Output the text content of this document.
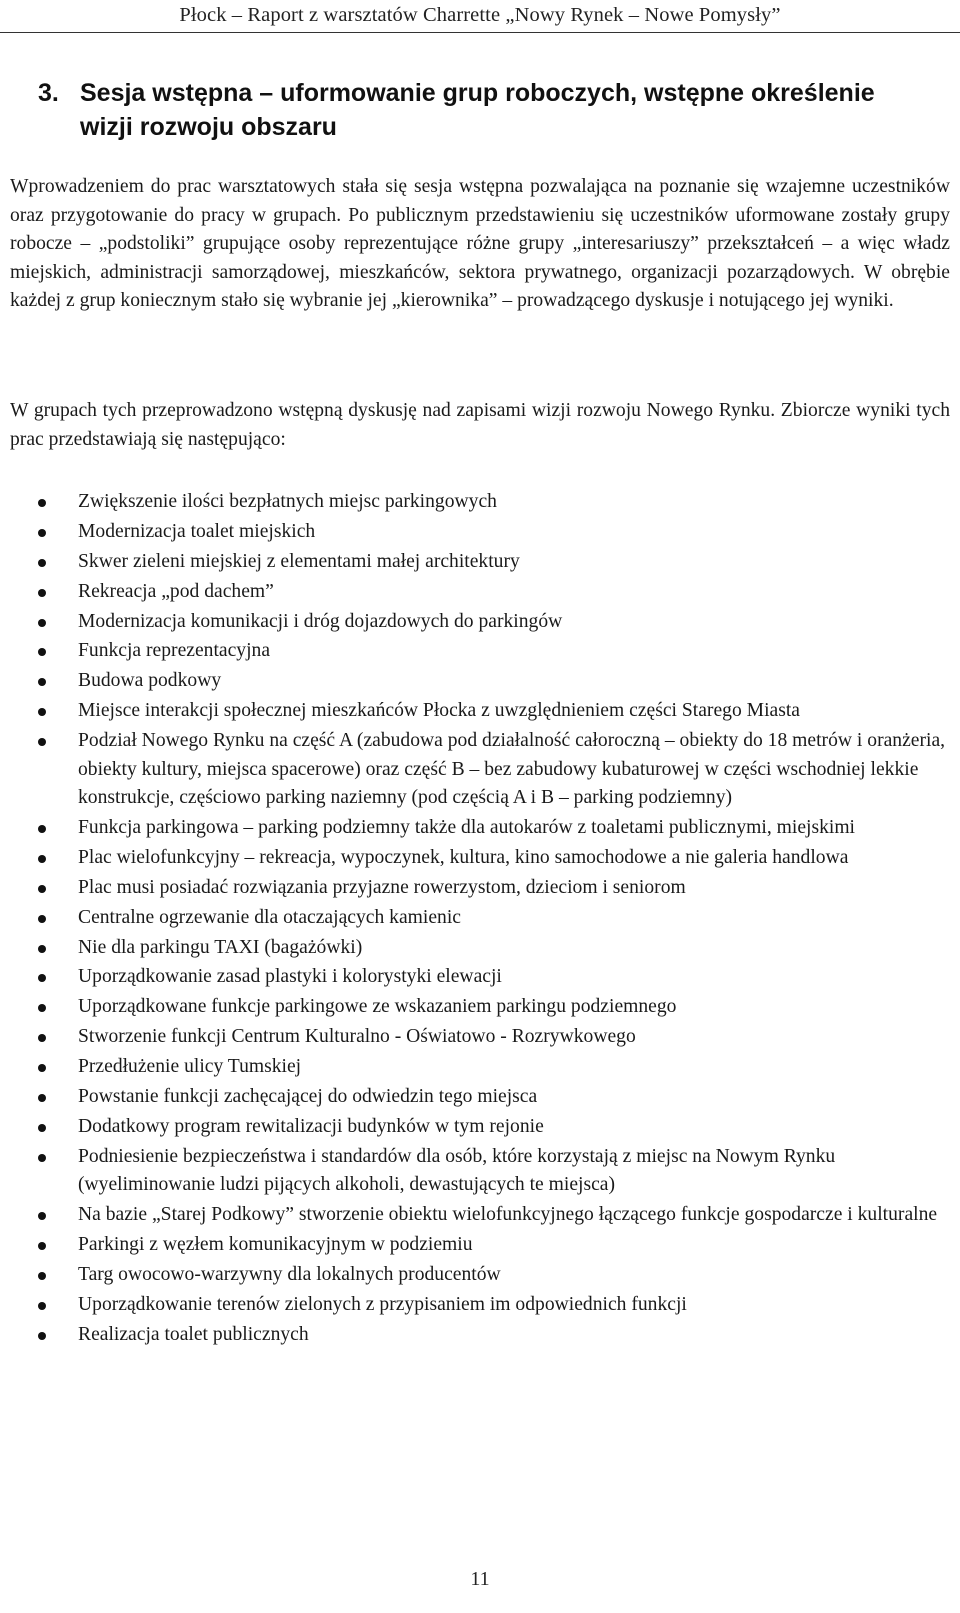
Płock – Raport z warsztatów Charrette „Nowy Rynek – Nowe Pomysły”
3. Sesja wstępna – uformowanie grup roboczych, wstępne określenie
wizji rozwoju obszaru

Wprowadzeniem do prac warsztatowych stała się sesja wstępna pozwalająca na poznanie się wzajemne uczestników oraz przygotowanie do pracy w grupach. Po publicznym przedstawieniu się uczestników uformowane zostały grupy robocze – „podstoliki” grupujące osoby reprezentujące różne grupy „interesariuszy” przekształceń – a więc władz miejskich, administracji samorządowej, mieszkańców, sektora prywatnego, organizacji pozarządowych. W obrębie każdej z grup koniecznym stało się wybranie jej „kierownika” – prowadzącego dyskusje i notującego jej wyniki.

W grupach tych przeprowadzono wstępną dyskusję nad zapisami wizji rozwoju Nowego Rynku. Zbiorcze wyniki tych prac przedstawiają się następująco:

Zwiększenie ilości bezpłatnych miejsc parkingowych
Modernizacja toalet miejskich
Skwer zieleni miejskiej z elementami małej architektury
Rekreacja „pod dachem”
Modernizacja komunikacji i dróg dojazdowych do parkingów
Funkcja reprezentacyjna
Budowa podkowy
Miejsce interakcji społecznej mieszkańców Płocka z uwzględnieniem części Starego Miasta
Podział Nowego Rynku na część A (zabudowa pod działalność całoroczną – obiekty do 18 metrów i oranżeria, obiekty kultury, miejsca spacerowe) oraz część B – bez zabudowy kubaturowej w części wschodniej lekkie konstrukcje, częściowo parking naziemny (pod częścią A i B – parking podziemny)
Funkcja parkingowa – parking podziemny także dla autokarów z toaletami publicznymi, miejskimi
Plac wielofunkcyjny – rekreacja, wypoczynek, kultura, kino samochodowe a nie galeria handlowa
Plac musi posiadać rozwiązania przyjazne rowerzystom, dzieciom i seniorom
Centralne ogrzewanie dla otaczających kamienic
Nie dla parkingu TAXI (bagażówki)
Uporządkowanie zasad plastyki i kolorystyki elewacji
Uporządkowane funkcje parkingowe ze wskazaniem parkingu podziemnego
Stworzenie funkcji Centrum Kulturalno - Oświatowo - Rozrywkowego
Przedłużenie ulicy Tumskiej
Powstanie funkcji zachęcającej do odwiedzin tego miejsca
Dodatkowy program rewitalizacji budynków w tym rejonie
Podniesienie bezpieczeństwa i standardów dla osób, które korzystają z miejsc na Nowym Rynku (wyeliminowanie ludzi pijących alkoholi, dewastujących te miejsca)
Na bazie „Starej Podkowy” stworzenie obiektu wielofunkcyjnego łączącego funkcje gospodarcze i kulturalne
Parkingi z węzłem komunikacyjnym w podziemiu
Targ owocowo-warzywny dla lokalnych producentów
Uporządkowanie terenów zielonych z przypisaniem im odpowiednich funkcji
Realizacja toalet publicznych
11
